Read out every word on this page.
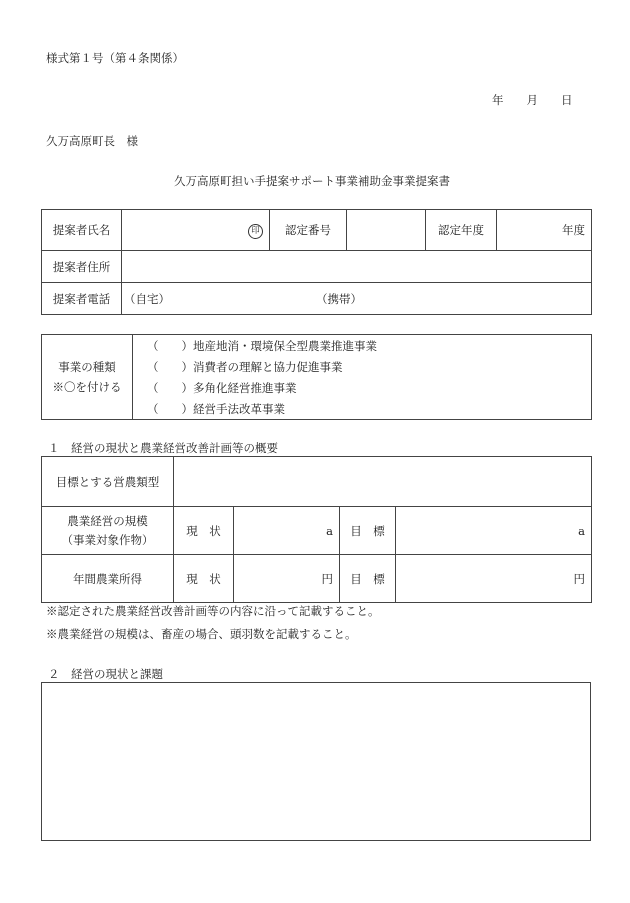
様式第１号（第４条関係）
年　　月　　日
久万高原町長　様
久万高原町担い手提案サポート事業補助金事業提案書
提案者氏名	印	認定番号		認定年度	年度
提案者住所					
提案者電話	（自宅） （携帯）				
事業の種類
※〇を付ける

（　　）地産地消・環境保全型農業推進事業
（　　）消費者の理解と協力促進事業
（　　）多角化経営推進事業
（　　）経営手法改革事業
１　経営の現状と農業経営改善計画等の概要
目標とする営農類型				

農業経営の規模
（事業対象作物）	現　状	a	目　標	a
年間農業所得	現　状	円	目　標	円
※認定された農業経営改善計画等の内容に沿って記載すること。
※農業経営の規模は、畜産の場合、頭羽数を記載すること。
２　経営の現状と課題
